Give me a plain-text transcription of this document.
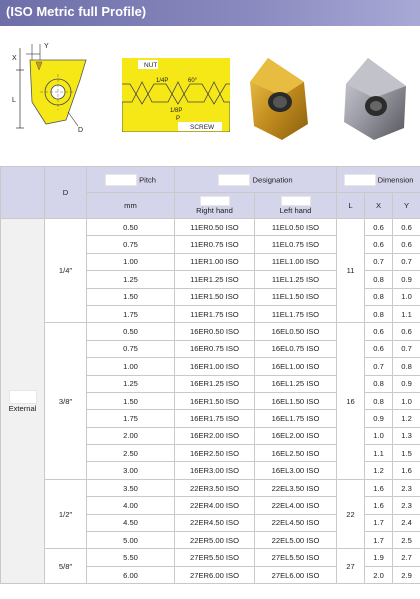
(ISO Metric full Profile)
X
Y
L
D
NUT
1/4P	60°
1/8P
P
SCREW
	D	Pitch	Designation		Dimension		
		mm	Right hand	Left hand	L	X	Y

External	1/4″	0.50	11ER0.50 ISO	11EL0.50 ISO	11	0.6	0.6
		0.75	11ER0.75 ISO	11EL0.75 ISO		0.6	0.6
		1.00	11ER1.00 ISO	11EL1.00 ISO		0.7	0.7
		1.25	11ER1.25 ISO	11EL1.25 ISO		0.8	0.9
		1.50	11ER1.50 ISO	11EL1.50 ISO		0.8	1.0
		1.75	11ER1.75 ISO	11EL1.75 ISO		0.8	1.1
	3/8″	0.50	16ER0.50 ISO	16EL0.50 ISO	16	0.6	0.6
		0.75	16ER0.75 ISO	16EL0.75 ISO		0.6	0.7
		1.00	16ER1.00 ISO	16EL1.00 ISO		0.7	0.8
		1.25	16ER1.25 ISO	16EL1.25 ISO		0.8	0.9
		1.50	16ER1.50 ISO	16EL1.50 ISO		0.8	1.0
		1.75	16ER1.75 ISO	16EL1.75 ISO		0.9	1.2
		2.00	16ER2.00 ISO	16EL2.00 ISO		1.0	1.3
		2.50	16ER2.50 ISO	16EL2.50 ISO		1.1	1.5
		3.00	16ER3.00 ISO	16EL3.00 ISO		1.2	1.6
	1/2″	3.50	22ER3.50 ISO	22EL3.50 ISO	22	1.6	2.3
		4.00	22ER4.00 ISO	22EL4.00 ISO		1.6	2.3
		4.50	22ER4.50 ISO	22EL4.50 ISO		1.7	2.4
		5.00	22ER5.00 ISO	22EL5.00 ISO		1.7	2.5
	5/8″	5.50	27ER5.50 ISO	27EL5.50 ISO	27	1.9	2.7
		6.00	27ER6.00 ISO	27EL6.00 ISO		2.0	2.9
